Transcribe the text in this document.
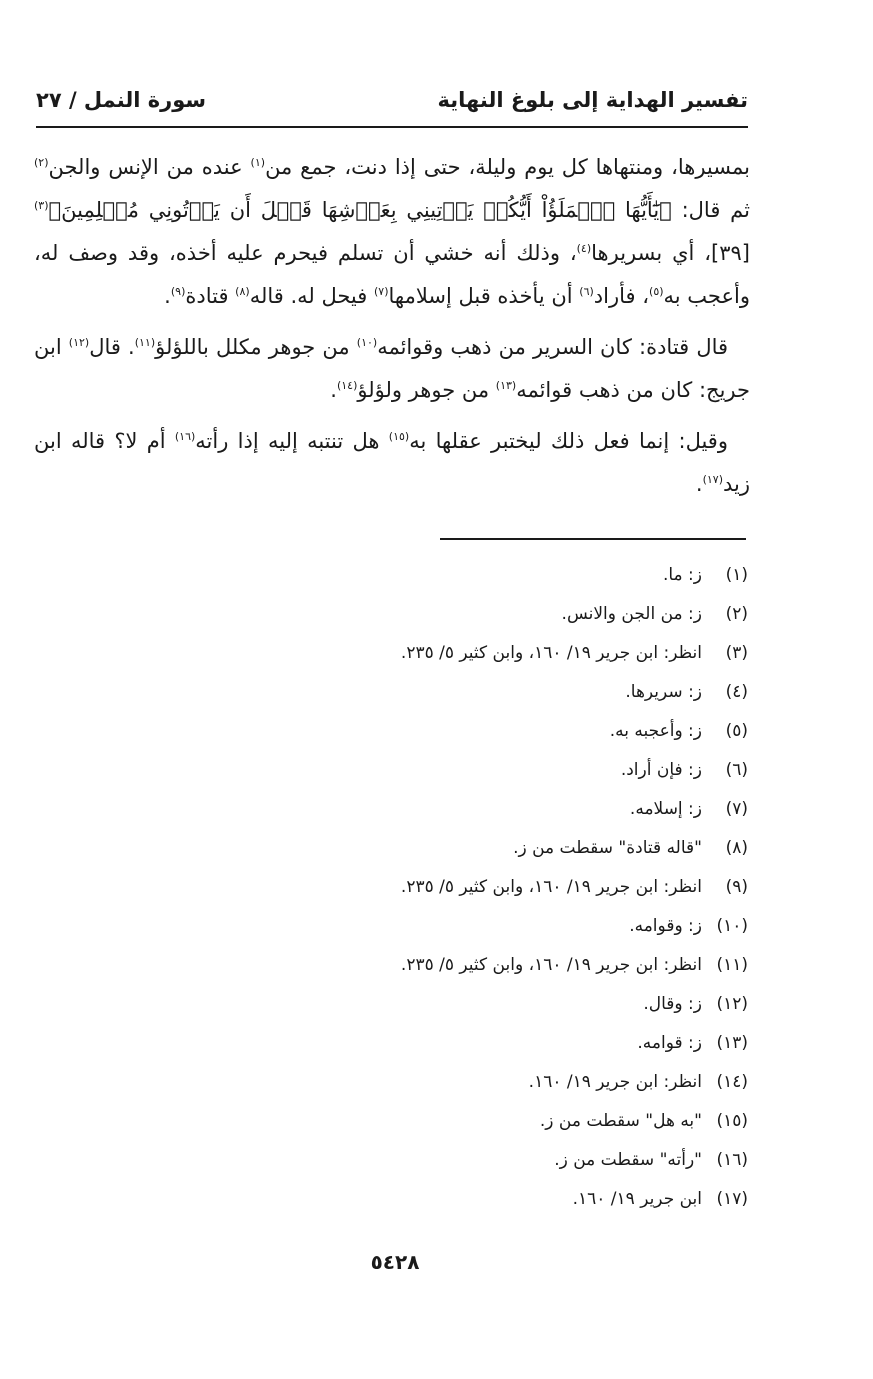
تفسير الهداية إلى بلوغ النهاية
سورة النمل / ٢٧

بمسيرها، ومنتهاها كل يوم وليلة، حتى إذا دنت، جمع من$^{(١)}$ عنده من الإنس والجن$^{(٢)}$ ثم قال: ﴿يَٰٓأَيُّهَا ٱلۡمَلَؤُاْ أَيُّكُمۡ يَأۡتِينِي بِعَرۡشِهَا قَبۡلَ أَن يَأۡتُونِي مُسۡلِمِينَ﴾$^{(٣)}$ [٣٩]، أي بسريرها$^{(٤)}$، وذلك أنه خشي أن تسلم فيحرم عليه أخذه، وقد وصف له، وأعجب به$^{(٥)}$، فأراد$^{(٦)}$ أن يأخذه قبل إسلامها$^{(٧)}$ فيحل له. قاله$^{(٨)}$ قتادة$^{(٩)}$.

قال قتادة: كان السرير من ذهب وقوائمه$^{(١٠)}$ من جوهر مكلل باللؤلؤ$^{(١١)}$. قال$^{(١٢)}$ ابن جريج: كان من ذهب قوائمه$^{(١٣)}$ من جوهر ولؤلؤ$^{(١٤)}$.

وقيل: إنما فعل ذلك ليختبر عقلها به$^{(١٥)}$ هل تنتبه إليه إذا رأته$^{(١٦)}$ أم لا؟ قاله ابن زيد$^{(١٧)}$.

(١)ز: ما.
(٢)ز: من الجن والانس.
(٣)انظر: ابن جرير ١٩/ ١٦٠، وابن كثير ٥/ ٢٣٥.
(٤)ز: سريرها.
(٥)ز: وأعجبه به.
(٦)ز: فإن أراد.
(٧)ز: إسلامه.
(٨)"قاله قتادة" سقطت من ز.
(٩)انظر: ابن جرير ١٩/ ١٦٠، وابن كثير ٥/ ٢٣٥.
(١٠)ز: وقوامه.
(١١)انظر: ابن جرير ١٩/ ١٦٠، وابن كثير ٥/ ٢٣٥.
(١٢)ز: وقال.
(١٣)ز: قوامه.
(١٤)انظر: ابن جرير ١٩/ ١٦٠.
(١٥)"به هل" سقطت من ز.
(١٦)"رأته" سقطت من ز.
(١٧)ابن جرير ١٩/ ١٦٠.
٥٤٢٨
